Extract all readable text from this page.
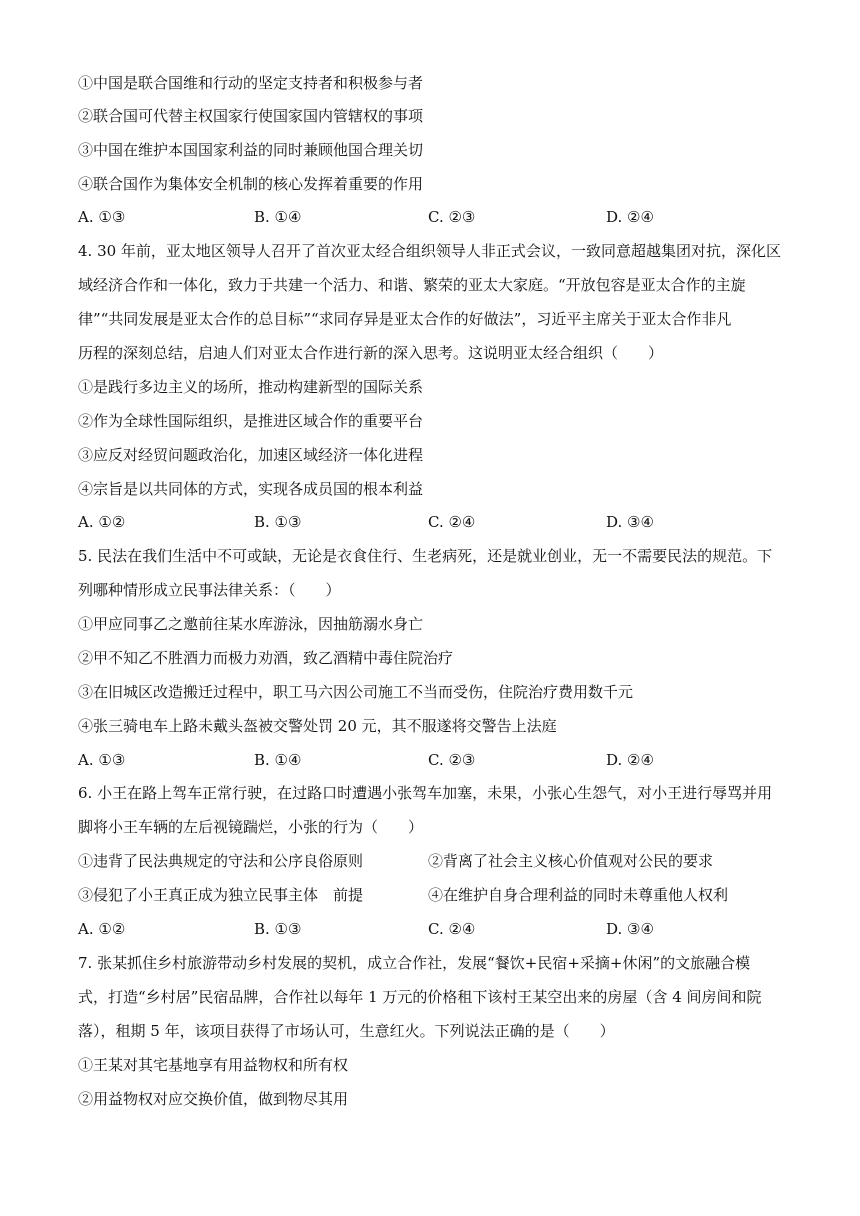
①中国是联合国维和行动的坚定支持者和积极参与者
②联合国可代替主权国家行使国家国内管辖权的事项
③中国在维护本国国家利益的同时兼顾他国合理关切
④联合国作为集体安全机制的核心发挥着重要的作用
A. ①③	B. ①④	C. ②③	D. ②④
4. 30 年前，亚太地区领导人召开了首次亚太经合组织领导人非正式会议，一致同意超越集团对抗，深化区
域经济合作和一体化，致力于共建一个活力、和谐、繁荣的亚太大家庭。“开放包容是亚太合作的主旋
律”“共同发展是亚太合作的总目标”“求同存异是亚太合作的好做法”，习近平主席关于亚太合作非凡
历程的深刻总结，启迪人们对亚太合作进行新的深入思考。这说明亚太经合组织（　　）
①是践行多边主义的场所，推动构建新型的国际关系
②作为全球性国际组织，是推进区域合作的重要平台
③应反对经贸问题政治化，加速区域经济一体化进程
④宗旨是以共同体的方式，实现各成员国的根本利益
A. ①②	B. ①③	C. ②④	D. ③④
5. 民法在我们生活中不可或缺，无论是衣食住行、生老病死，还是就业创业，无一不需要民法的规范。下
列哪种情形成立民事法律关系：（　　）
①甲应同事乙之邀前往某水库游泳，因抽筋溺水身亡
②甲不知乙不胜酒力而极力劝酒，致乙酒精中毒住院治疗
③在旧城区改造搬迁过程中，职工马六因公司施工不当而受伤，住院治疗费用数千元
④张三骑电车上路未戴头盔被交警处罚 20 元，其不服遂将交警告上法庭
A. ①③	B. ①④	C. ②③	D. ②④
6. 小王在路上驾车正常行驶，在过路口时遭遇小张驾车加塞，未果，小张心生怨气，对小王进行辱骂并用
脚将小王车辆的左后视镜踹烂，小张的行为（　　）
①违背了民法典规定的守法和公序良俗原则	②背离了社会主义核心价值观对公民的要求
③侵犯了小王真正成为独立民事主体　前提	④在维护自身合理利益的同时未尊重他人权利
A. ①②	B. ①③	C. ②④	D. ③④
7. 张某抓住乡村旅游带动乡村发展的契机，成立合作社，发展“餐饮+民宿+采摘+休闲”的文旅融合模
式，打造“乡村居”民宿品牌，合作社以每年 1 万元的价格租下该村王某空出来的房屋（含 4 间房间和院
落），租期 5 年，该项目获得了市场认可，生意红火。下列说法正确的是（　　）
①王某对其宅基地享有用益物权和所有权
②用益物权对应交换价值，做到物尽其用
